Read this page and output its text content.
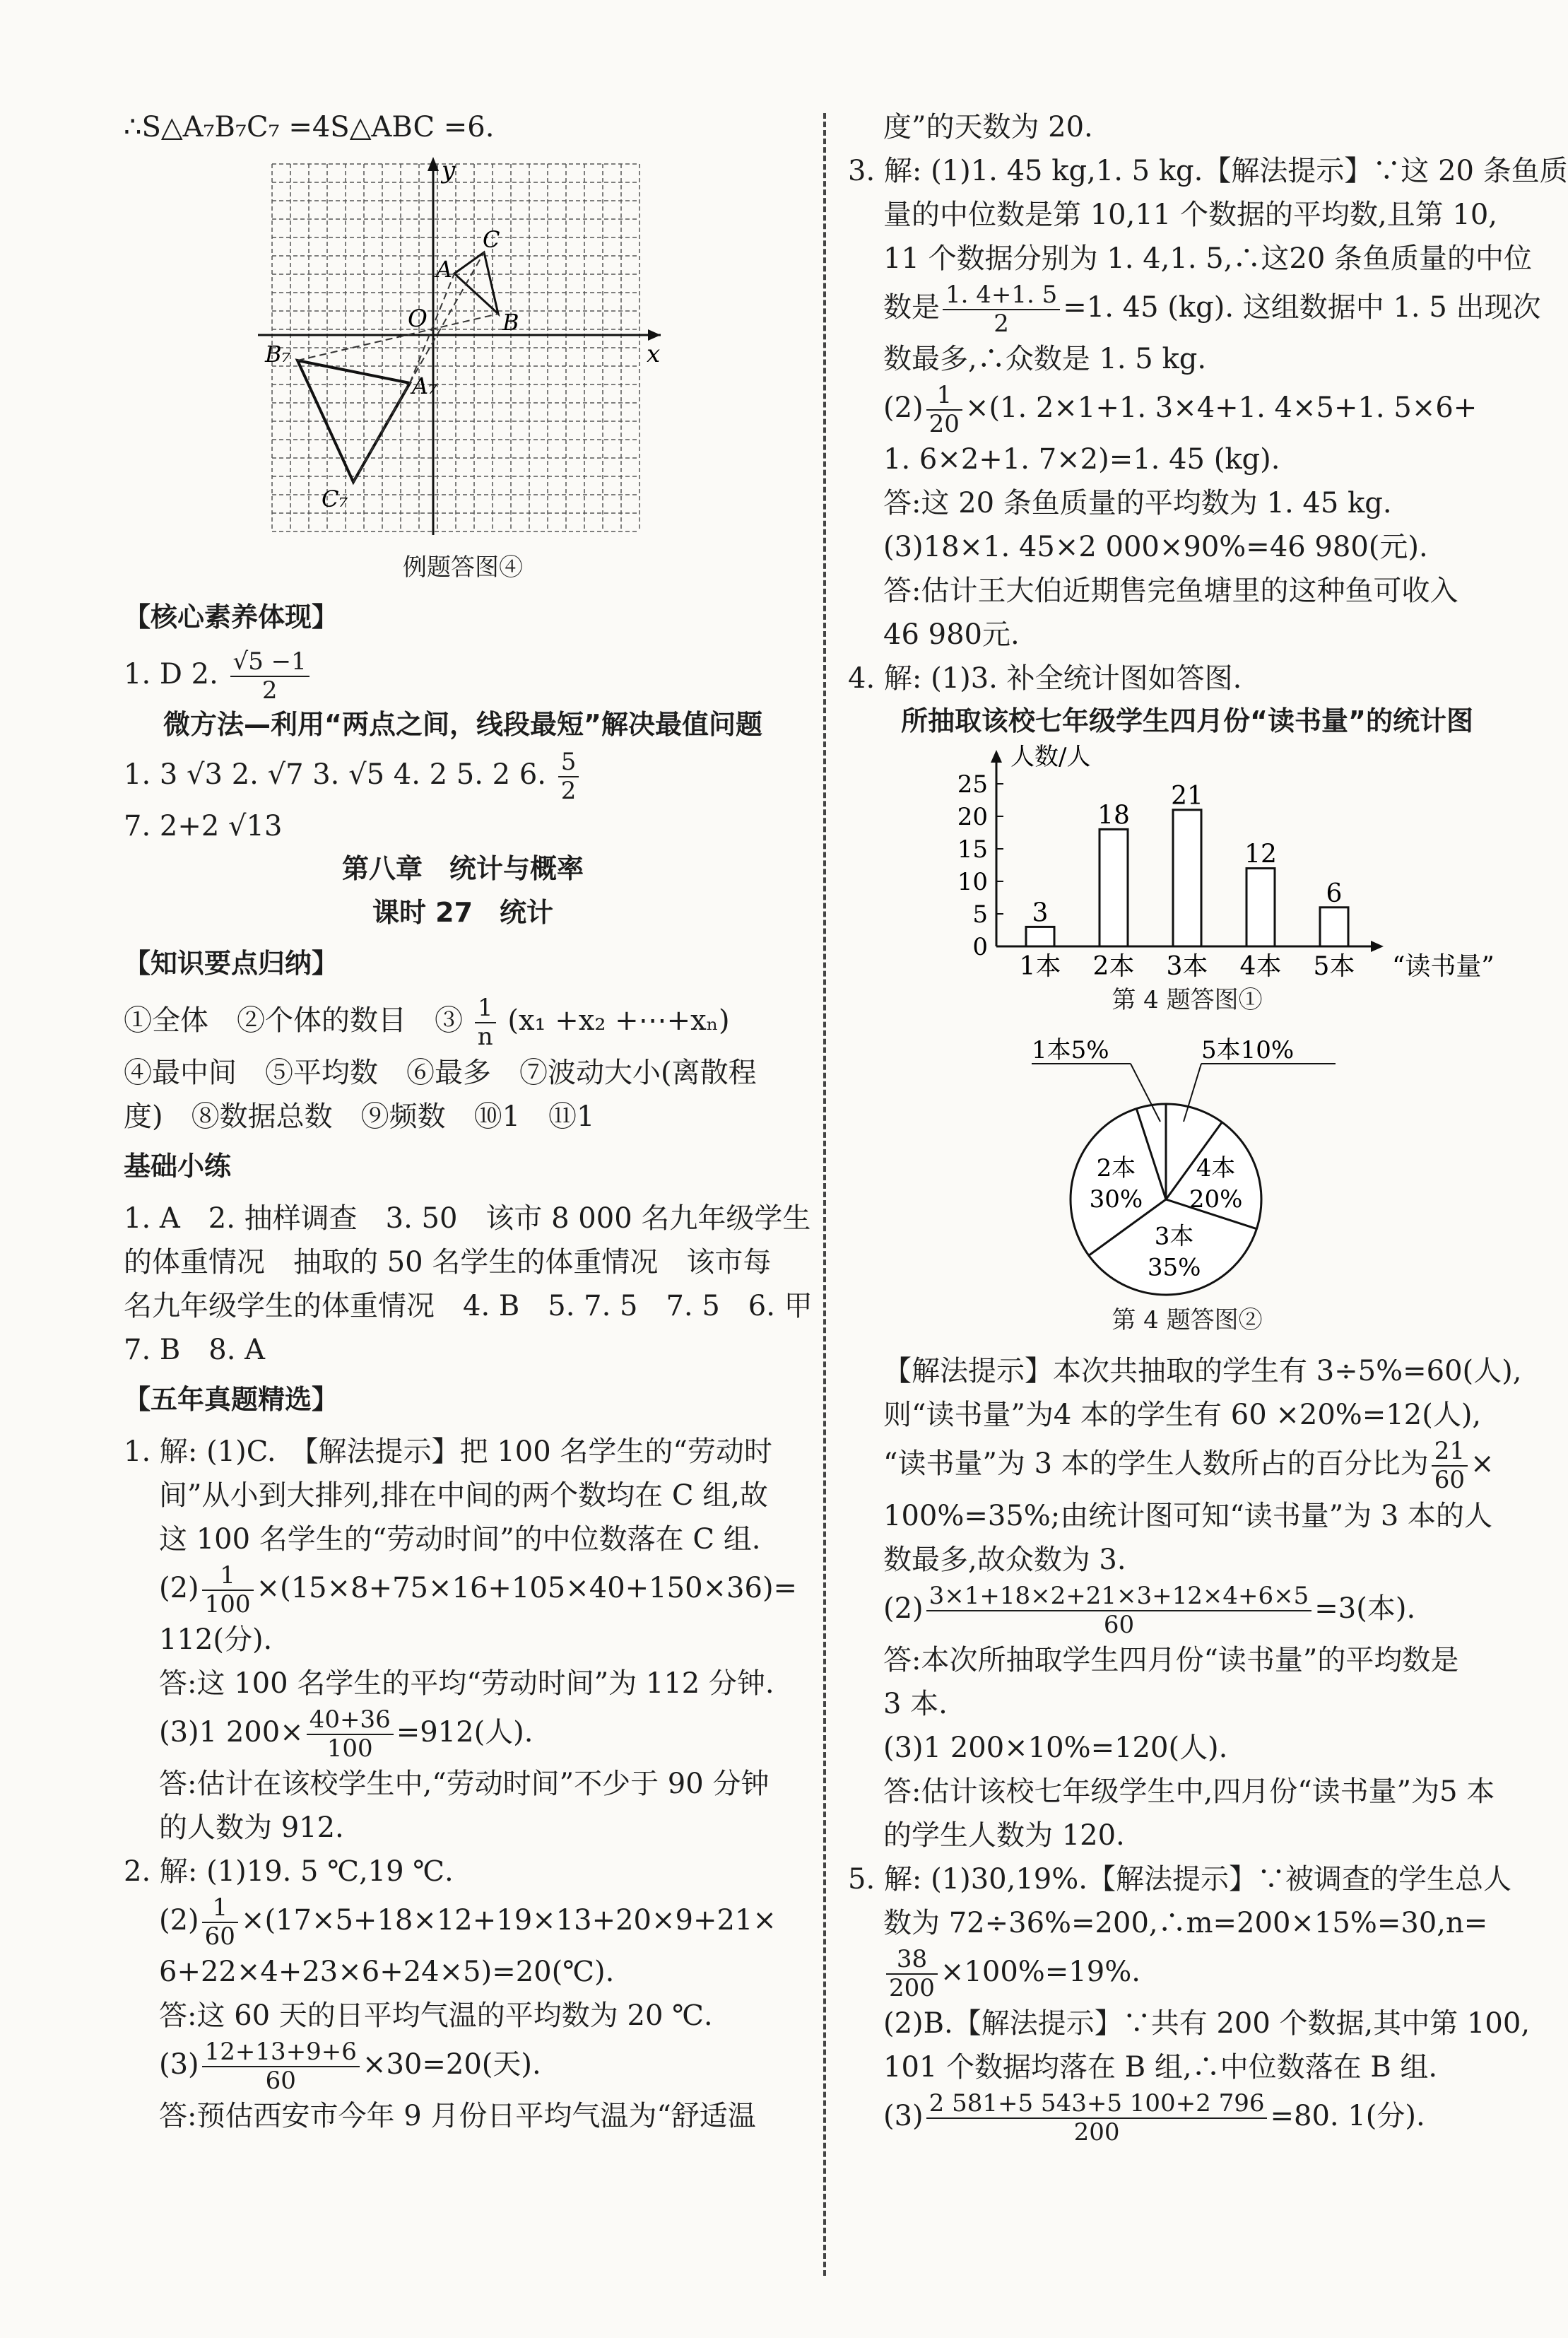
∴S△A₇B₇C₇ =4S△ABC =6.

y
x
O
A
B
C
A₇
B₇
C₇
例题答图④

【核心素养体现】

1. D 2. $\frac{√5 -1}{2}$

微方法—利用“两点之间，线段最短”解决最值问题

1. 3 √3 2. √7 3. √5 4. 2 5. 2 6. $\frac{5}{2}$

7. 2+2 √13

第八章　统计与概率

课时 27　统计

【知识要点归纳】

①全体　②个体的数目　③ $\frac{1}{n} (x_1 +x_2$ +⋯+xₙ)

④最中间　⑤平均数　⑥最多　⑦波动大小(离散程

度)　⑧数据总数　⑨频数　⑩1　⑪1

基础小练

1. A　2. 抽样调查　3. 50　该市 8 000 名九年级学生

的体重情况　抽取的 50 名学生的体重情况　该市每

名九年级学生的体重情况　4. B　5. 7. 5　7. 5　6. 甲

7. B　8. A

【五年真题精选】

1. 解: (1)C.　【解法提示】把 100 名学生的“劳动时

间”从小到大排列,排在中间的两个数均在 C 组,故

这 100 名学生的“劳动时间”的中位数落在 C 组.

$(2) \frac{1}{100} \times(15\times 8+75\times 16+105\times 40+150\times 36)=$

112(分).

答:这 100 名学生的平均“劳动时间”为 112 分钟.

(3)1 $200\times \frac{40+36}{100} =912$(人).

答:估计在该校学生中,“劳动时间”不少于 90 分钟

的人数为 912.

2. 解: (1)19. 5 ℃,19 ℃.

$(2) \frac{1}{60} \times(17\times 5+18\times 12+19\times 13+20\times 9+21\times$

6+22×4+23×6+24×5)=20(℃).

答:这 60 天的日平均气温的平均数为 20 ℃.

$(3) \frac{12+13+9+6}{60} \times 30=20$(天).

答:预估西安市今年 9 月份日平均气温为“舒适温

度”的天数为 20.

3. 解: (1)1. 45 kg,1. 5 kg.【解法提示】∵这 20 条鱼质

量的中位数是第 10,11 个数据的平均数,且第 10,

11 个数据分别为 1. 4,1. 5,∴这20 条鱼质量的中位

数是 $\frac{1. 4+1. 5}{2} =1$. 45 (kg). 这组数据中 1. 5 出现次

数最多,∴众数是 1. 5 kg.

$(2) \frac{1}{20} \times(1$. 2×1+1. 3×4+1. 4×5+1. 5×6+

1. 6×2+1. 7×2)=1. 45 (kg).

答:这 20 条鱼质量的平均数为 1. 45 kg.

(3)18×1. 45×2 000×90%=46 980(元).

答:估计王大伯近期售完鱼塘里的这种鱼可收入

46 980元.

4. 解: (1)3. 补全统计图如答图.

所抽取该校七年级学生四月份“读书量”的统计图

人数/人
0
5
10
15
20
25
3
1本
18
2本
21
3本
12
4本
6
5本 “读书量”
第 4 题答图①
4本
20%
3本
35%
2本
30%
1本5%	5本10%
第 4 题答图②

【解法提示】本次共抽取的学生有 3÷5%=60(人),

则“读书量”为4 本的学生有 60 ×20%=12(人),

“读书量”为 3 本的学生人数所占的百分比为 $\frac{21}{60}$ ×

100%=35%;由统计图可知“读书量”为 3 本的人

数最多,故众数为 3.

$(2) \frac{3\times 1+18\times 2+21\times 3+12\times 4+6\times 5}{60} =3$(本).

答:本次所抽取学生四月份“读书量”的平均数是

3 本.

(3)1 200×10%=120(人).

答:估计该校七年级学生中,四月份“读书量”为5 本

的学生人数为 120.

5. 解: (1)30,19%.【解法提示】∵被调查的学生总人

数为 72÷36%=200,∴m=200×15%=30,n=

$\frac{38}{200} \times 100\%=19\%$.

(2)B.【解法提示】∵共有 200 个数据,其中第 100,

101 个数据均落在 B 组,∴中位数落在 B 组.

$(3) \frac{2 581+5 543+5 100+2 796}{200} =80$. 1(分).
